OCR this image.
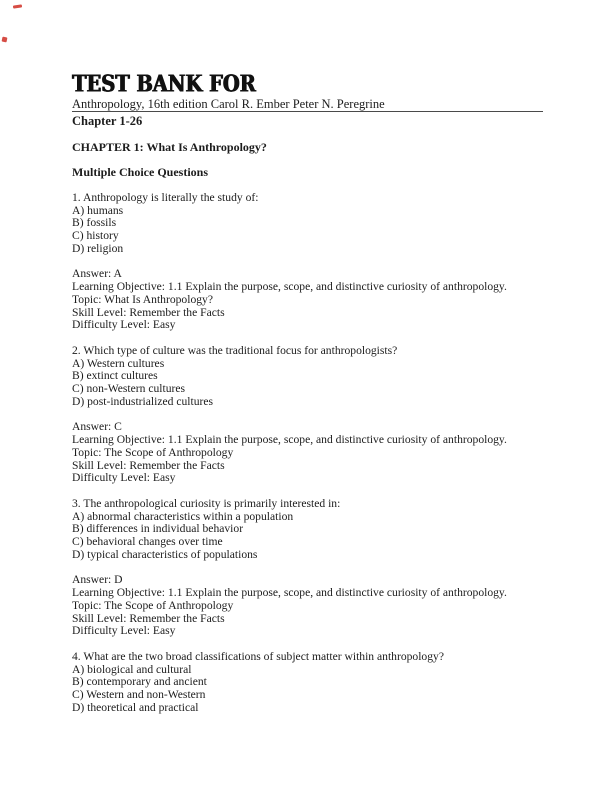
TEST BANK FOR
Anthropology, 16th edition Carol R. Ember Peter N. Peregrine
Chapter 1-26
CHAPTER 1: What Is Anthropology?
Multiple Choice Questions
1. Anthropology is literally the study of:
A) humans
B) fossils
C) history
D) religion
Answer: A
Learning Objective: 1.1 Explain the purpose, scope, and distinctive curiosity of anthropology.
Topic: What Is Anthropology?
Skill Level: Remember the Facts
Difficulty Level: Easy
2. Which type of culture was the traditional focus for anthropologists?
A) Western cultures
B) extinct cultures
C) non-Western cultures
D) post-industrialized cultures
Answer: C
Learning Objective: 1.1 Explain the purpose, scope, and distinctive curiosity of anthropology.
Topic: The Scope of Anthropology
Skill Level: Remember the Facts
Difficulty Level: Easy
3. The anthropological curiosity is primarily interested in:
A) abnormal characteristics within a population
B) differences in individual behavior
C) behavioral changes over time
D) typical characteristics of populations
Answer: D
Learning Objective: 1.1 Explain the purpose, scope, and distinctive curiosity of anthropology.
Topic: The Scope of Anthropology
Skill Level: Remember the Facts
Difficulty Level: Easy
4. What are the two broad classifications of subject matter within anthropology?
A) biological and cultural
B) contemporary and ancient
C) Western and non-Western
D) theoretical and practical
